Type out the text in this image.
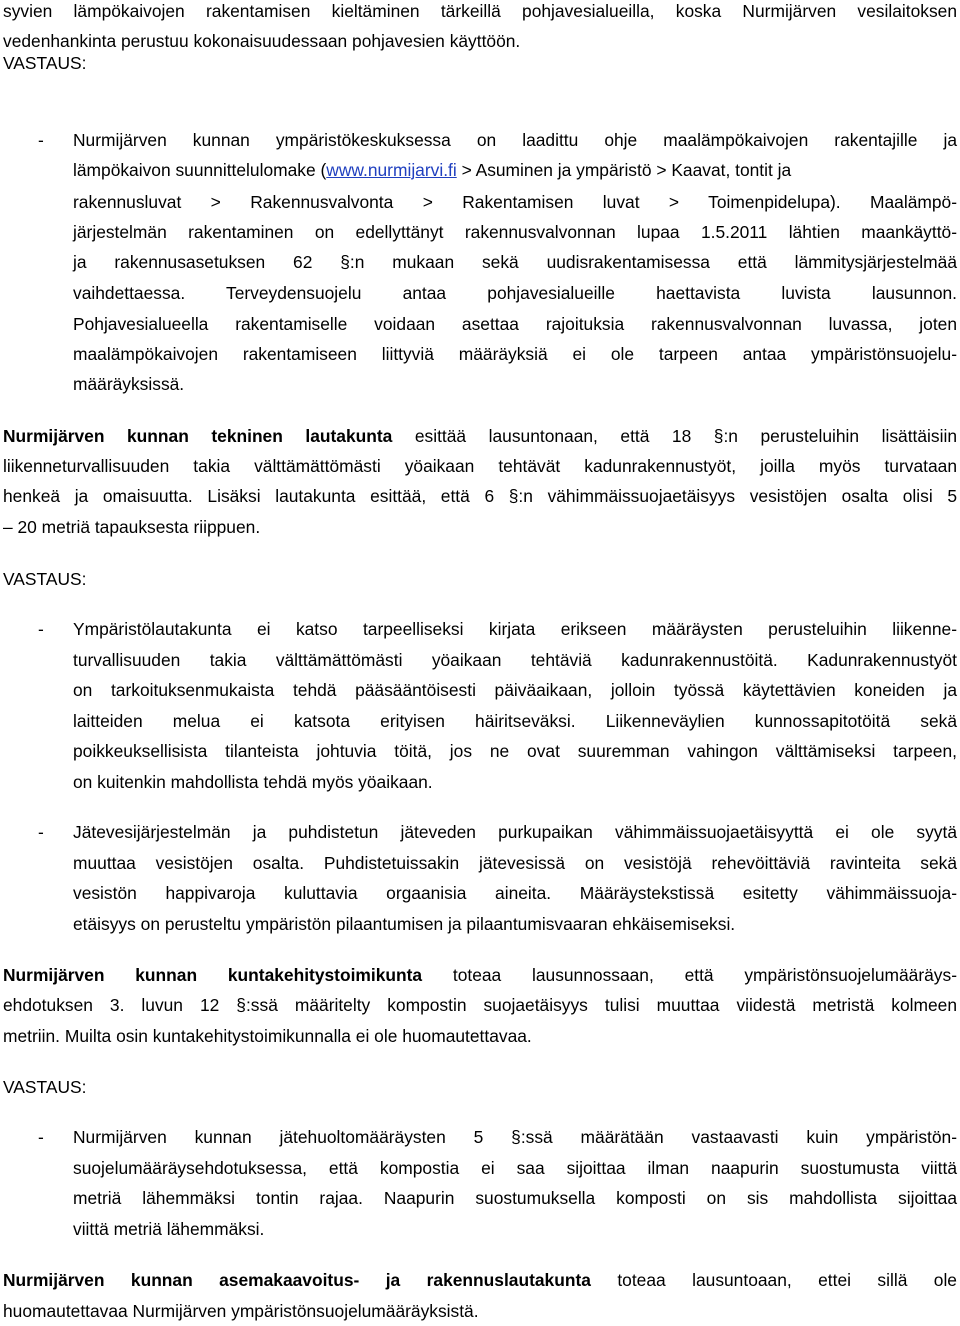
syvien lämpökaivojen rakentamisen kieltäminen tärkeillä pohjavesialueilla, koska Nurmijärven vesilaitoksen
vedenhankinta perustuu kokonaisuudessaan pohjavesien käyttöön.
VASTAUS:
- Nurmijärven kunnan ympäristökeskuksessa on laadittu ohje maalämpökaivojen rakentajille ja
lämpökaivon suunnittelulomake (www.nurmijarvi.fi > Asuminen ja ympäristö > Kaavat, tontit ja
rakennusluvat > Rakennusvalvonta > Rakentamisen luvat > Toimenpidelupa). Maalämpö-
järjestelmän rakentaminen on edellyttänyt rakennusvalvonnan lupaa 1.5.2011 lähtien maankäyttö-
ja rakennusasetuksen 62 §:n mukaan sekä uudisrakentamisessa että lämmitysjärjestelmää
vaihdettaessa. Terveydensuojelu antaa pohjavesialueille haettavista luvista lausunnon.
Pohjavesialueella rakentamiselle voidaan asettaa rajoituksia rakennusvalvonnan luvassa, joten
maalämpökaivojen rakentamiseen liittyviä määräyksiä ei ole tarpeen antaa ympäristönsuojelu-
määräyksissä.
Nurmijärven kunnan tekninen lautakunta esittää lausuntonaan, että 18 §:n perusteluihin lisättäisiin
liikenneturvallisuuden takia välttämättömästi yöaikaan tehtävät kadunrakennustyöt, joilla myös turvataan
henkeä ja omaisuutta. Lisäksi lautakunta esittää, että 6 §:n vähimmäissuojaetäisyys vesistöjen osalta olisi 5
– 20 metriä tapauksesta riippuen.
VASTAUS:
- Ympäristölautakunta ei katso tarpeelliseksi kirjata erikseen määräysten perusteluihin liikenne-
turvallisuuden takia välttämättömästi yöaikaan tehtäviä kadunrakennustöitä. Kadunrakennustyöt
on tarkoituksenmukaista tehdä pääsääntöisesti päiväaikaan, jolloin työssä käytettävien koneiden ja
laitteiden melua ei katsota erityisen häiritseväksi. Liikenneväylien kunnossapitotöitä sekä
poikkeuksellisista tilanteista johtuvia töitä, jos ne ovat suuremman vahingon välttämiseksi tarpeen,
on kuitenkin mahdollista tehdä myös yöaikaan.
- Jätevesijärjestelmän ja puhdistetun jäteveden purkupaikan vähimmäissuojaetäisyyttä ei ole syytä
muuttaa vesistöjen osalta. Puhdistetuissakin jätevesissä on vesistöjä rehevöittäviä ravinteita sekä
vesistön happivaroja kuluttavia orgaanisia aineita. Määräystekstissä esitetty vähimmäissuoja-
etäisyys on perusteltu ympäristön pilaantumisen ja pilaantumisvaaran ehkäisemiseksi.
Nurmijärven kunnan kuntakehitystoimikunta toteaa lausunnossaan, että ympäristönsuojelumääräys-
ehdotuksen 3. luvun 12 §:ssä määritelty kompostin suojaetäisyys tulisi muuttaa viidestä metristä kolmeen
metriin. Muilta osin kuntakehitystoimikunnalla ei ole huomautettavaa.
VASTAUS:
- Nurmijärven kunnan jätehuoltomääräysten 5 §:ssä määrätään vastaavasti kuin ympäristön-
suojelumääräysehdotuksessa, että kompostia ei saa sijoittaa ilman naapurin suostumusta viittä
metriä lähemmäksi tontin rajaa. Naapurin suostumuksella komposti on sis mahdollista sijoittaa
viittä metriä lähemmäksi.
Nurmijärven kunnan asemakaavoitus- ja rakennuslautakunta toteaa lausuntoaan, ettei sillä ole
huomautettavaa Nurmijärven ympäristönsuojelumääräyksistä.
